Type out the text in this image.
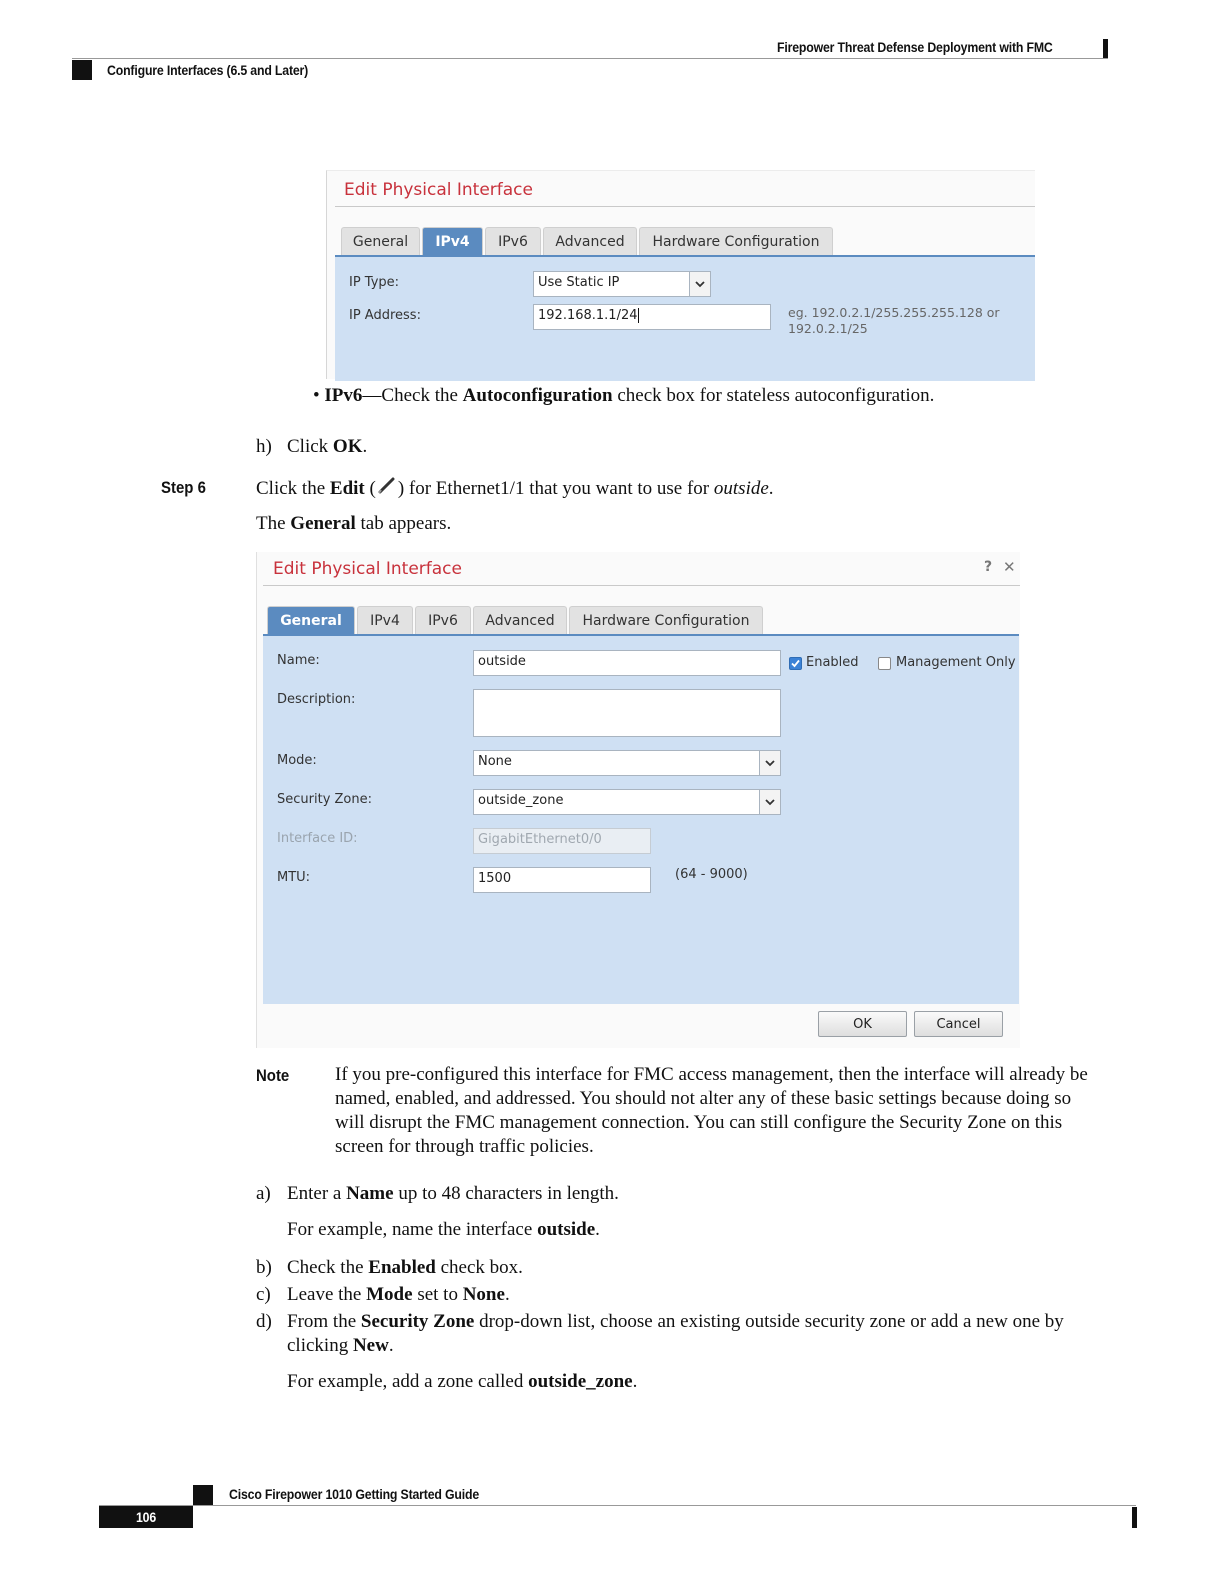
Firepower Threat Defense Deployment with FMC
Configure Interfaces (6.5 and Later)
Edit Physical Interface
General	IPv4	IPv6	Advanced	Hardware Configuration
IP Type:	Use Static IP
IP Address:	192.168.1.1/24	eg. 192.0.2.1/255.255.255.128 or
192.0.2.1/25
• IPv6—Check the Autoconfiguration check box for stateless autoconfiguration.
h) Click OK.
Step 6	Click the Edit ( ) for Ethernet1/1 that you want to use for outside.
The General tab appears.
Edit Physical Interface	? ✕
General	IPv4	IPv6	Advanced	Hardware Configuration
Name:	outside	Enabled	Management Only
Description:
Mode:	None
Security Zone:	outside_zone
Interface ID:	GigabitEthernet0/0
MTU:	1500	(64 - 9000)
OK	Cancel
Note If you pre-configured this interface for FMC access management, then the interface will already be
named, enabled, and addressed. You should not alter any of these basic settings because doing so
will disrupt the FMC management connection. You can still configure the Security Zone on this
screen for through traffic policies.
a) Enter a Name up to 48 characters in length.
For example, name the interface outside.
b) Check the Enabled check box.
c) Leave the Mode set to None.
d) From the Security Zone drop-down list, choose an existing outside security zone or add a new one by
clicking New.
For example, add a zone called outside_zone.
Cisco Firepower 1010 Getting Started Guide
106
